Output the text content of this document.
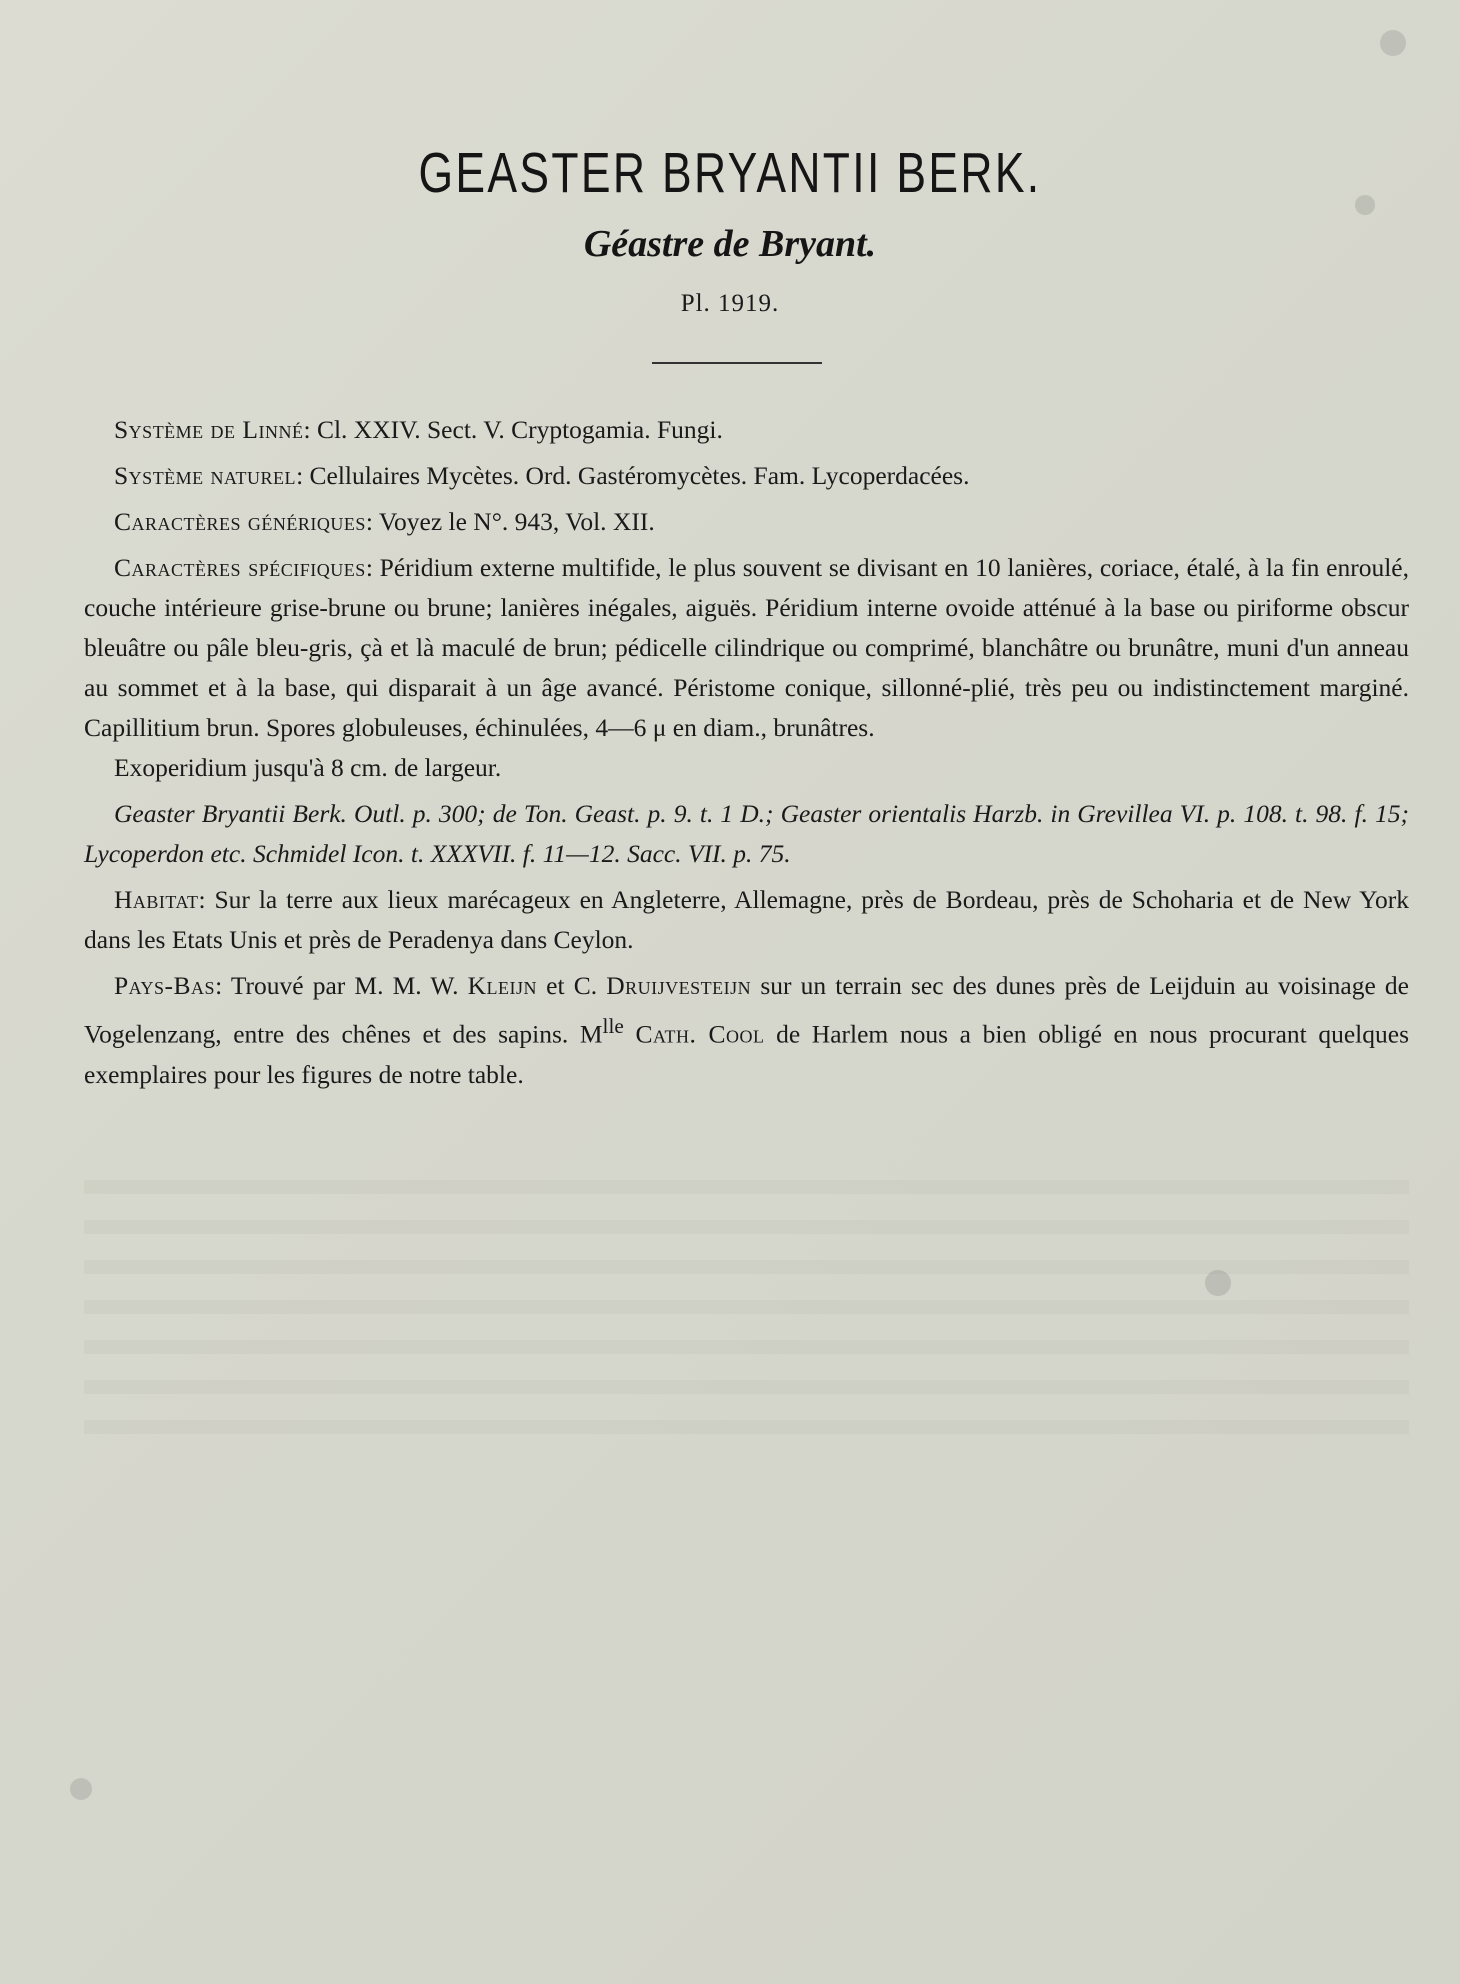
GEASTER BRYANTII BERK.
Géastre de Bryant.
Pl. 1919.

Système de Linné: Cl. XXIV. Sect. V. Cryptogamia. Fungi.

Système naturel: Cellulaires Mycètes. Ord. Gastéromycètes. Fam. Lycoperdacées.

Caractères génériques: Voyez le N°. 943, Vol. XII.

Caractères spécifiques: Péridium externe multifide, le plus souvent se divisant en 10 lanières, coriace, étalé, à la fin enroulé, couche intérieure grise-brune ou brune; lanières inégales, aiguës. Péridium interne ovoide atténué à la base ou piriforme obscur bleuâtre ou pâle bleu-gris, çà et là maculé de brun; pédicelle cilindrique ou comprimé, blanchâtre ou brunâtre, muni d'un anneau au sommet et à la base, qui disparait à un âge avancé. Péristome conique, sillonné-plié, très peu ou indistinctement marginé. Capillitium brun. Spores globuleuses, échinulées, 4—6 μ en diam., brunâtres.

Exoperidium jusqu'à 8 cm. de largeur.

Geaster Bryantii Berk. Outl. p. 300; de Ton. Geast. p. 9. t. 1 D.; Geaster orientalis Harzb. in Grevillea VI. p. 108. t. 98. f. 15; Lycoperdon etc. Schmidel Icon. t. XXXVII. f. 11—12. Sacc. VII. p. 75.

Habitat: Sur la terre aux lieux marécageux en Angleterre, Allemagne, près de Bordeau, près de Schoharia et de New York dans les Etats Unis et près de Peradenya dans Ceylon.

Pays-Bas: Trouvé par M. M. W. Kleijn et C. Druijvesteijn sur un terrain sec des dunes près de Leijduin au voisinage de Vogelenzang, entre des chênes et des sapins. $M^{lle}$ Cath. Cool de Harlem nous a bien obligé en nous procurant quelques exemplaires pour les figures de notre table.
